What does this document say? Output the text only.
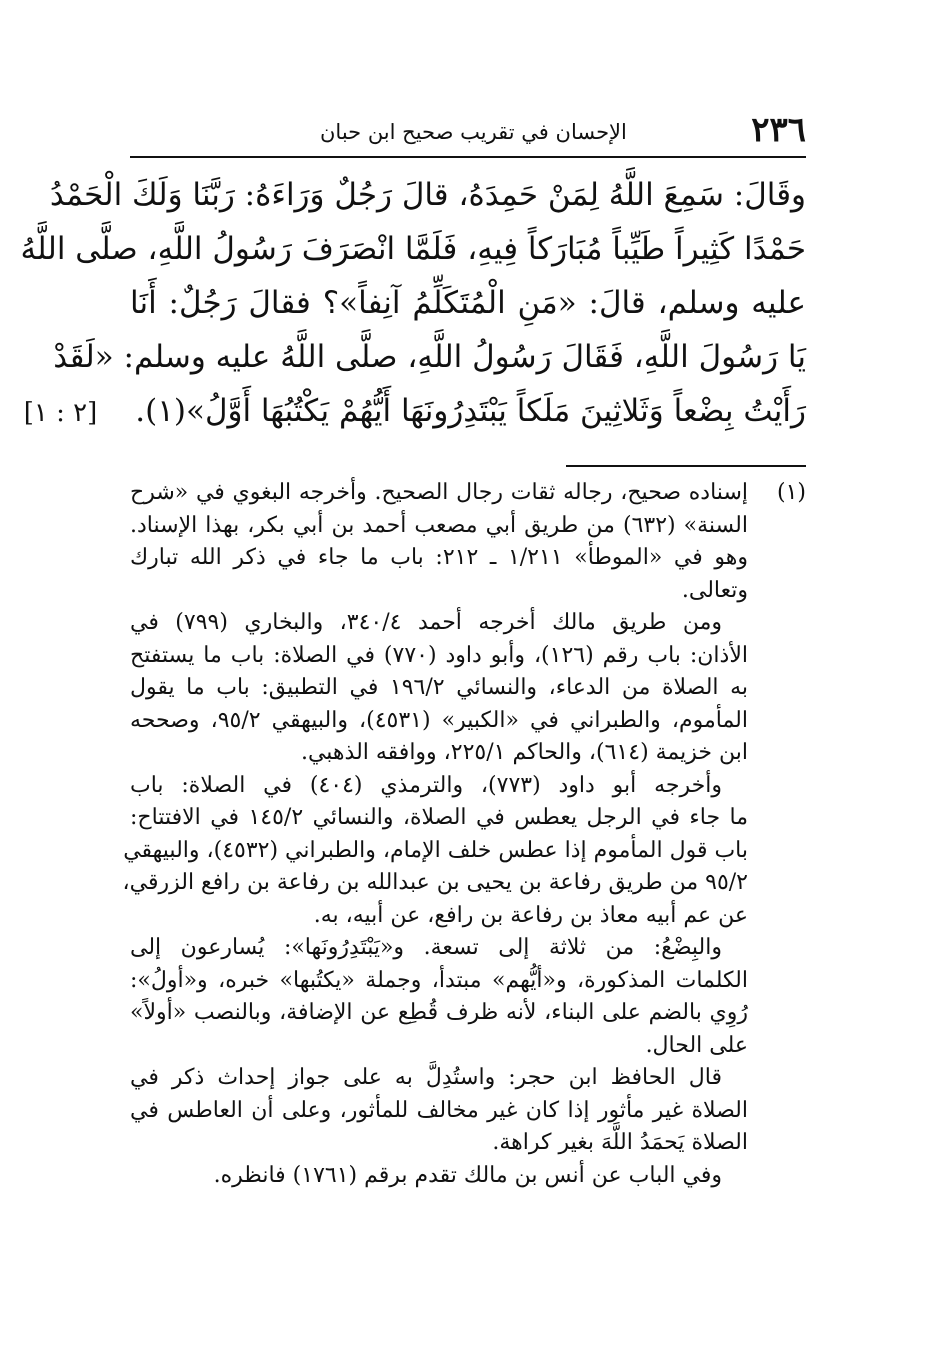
٢٣٦
الإحسان في تقريب صحيح ابن حبان
وقَالَ: سَمِعَ اللَّهُ لِمَنْ حَمِدَهُ، قالَ رَجُلٌ وَرَاءَهُ: رَبَّنَا وَلَكَ الْحَمْدُ
حَمْدًا كَثِيراً طَيِّباً مُبَارَكاً فِيهِ، فَلَمَّا انْصَرَفَ رَسُولُ اللَّهِ، صلَّى اللَّهُ
عليه وسلم، قالَ: «مَنِ الْمُتَكَلِّمُ آنِفاً»؟ فقالَ رَجُلٌ: أَنَا
يَا رَسُولَ اللَّهِ، فَقَالَ رَسُولُ اللَّهِ، صلَّى اللَّهُ عليه وسلم: «لَقَدْ
رَأَيْتُ بِضْعاً وَثَلاثِينَ مَلَكاً يَبْتَدِرُونَهَا أَيُّهُمْ يَكْتُبُهَا أَوَّلُ»(١).[٢ : ١]
(١)
إسناده صحيح، رجاله ثقات رجال الصحيح. وأخرجه البغوي في «شرح
السنة» (٦٣٢) من طريق أبي مصعب أحمد بن أبي بكر، بهذا الإسناد.
وهو في «الموطأ» ١/٢١١ ـ ٢١٢: باب ما جاء في ذكر الله تبارك
وتعالى.
ومن طريق مالك أخرجه أحمد ٣٤٠/٤، والبخاري (٧٩٩) في
الأذان: باب رقم (١٢٦)، وأبو داود (٧٧٠) في الصلاة: باب ما يستفتح
به الصلاة من الدعاء، والنسائي ١٩٦/٢ في التطبيق: باب ما يقول
المأموم، والطبراني في «الكبير» (٤٥٣١)، والبيهقي ٩٥/٢، وصححه
ابن خزيمة (٦١٤)، والحاكم ٢٢٥/١، ووافقه الذهبي.
وأخرجه أبو داود (٧٧٣)، والترمذي (٤٠٤) في الصلاة: باب
ما جاء في الرجل يعطس في الصلاة، والنسائي ١٤٥/٢ في الافتتاح:
باب قول المأموم إذا عطس خلف الإمام، والطبراني (٤٥٣٢)، والبيهقي
٩٥/٢ من طريق رفاعة بن يحيى بن عبدالله بن رفاعة بن رافع الزرقي،
عن عم أبيه معاذ بن رفاعة بن رافع، عن أبيه، به.
والبِضْعُ: من ثلاثة إلى تسعة. و«يَبْتَدِرُونَها»: يُسارعون إلى
الكلمات المذكورة، و«أيُّهم» مبتدأ، وجملة «يكتُبها» خبره، و«أولُ»:
رُوِي بالضم على البناء، لأنه ظرف قُطِع عن الإضافة، وبالنصب «أولاً»
على الحال.
قال الحافظ ابن حجر: واستُدِلَّ به على جواز إحداث ذكر في
الصلاة غير مأثور إذا كان غير مخالف للمأثور، وعلى أن العاطس في
الصلاة يَحمَدُ اللَّهَ بغير كراهة.
وفي الباب عن أنس بن مالك تقدم برقم (١٧٦١) فانظره.
